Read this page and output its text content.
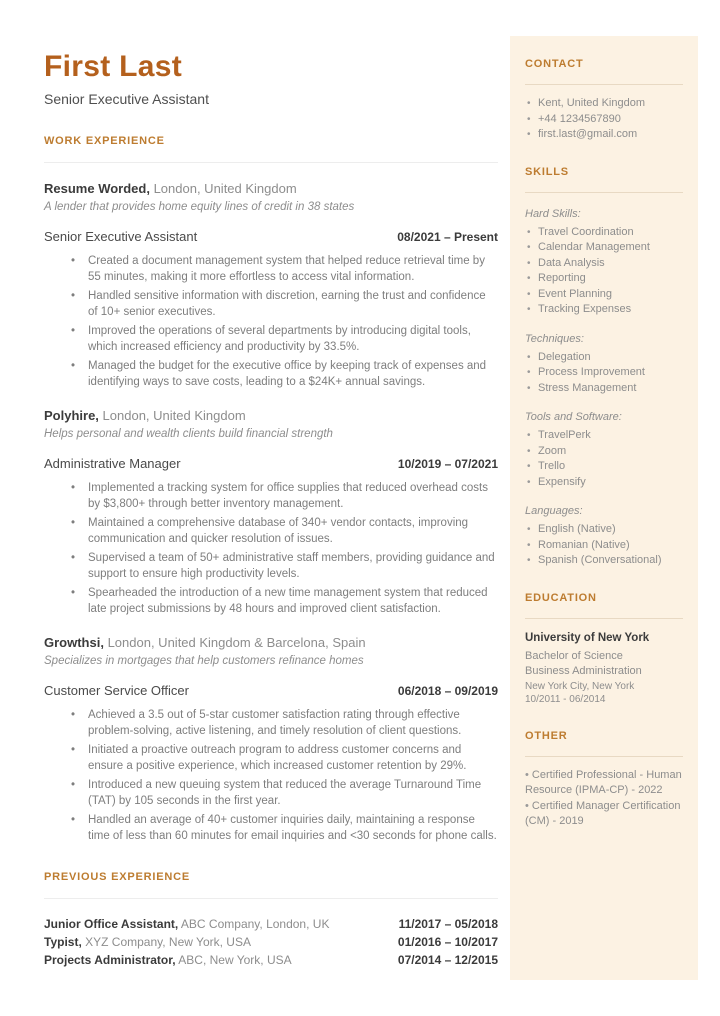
First Last
Senior Executive Assistant
WORK EXPERIENCE
Resume Worded, London, United Kingdom
A lender that provides home equity lines of credit in 38 states
Senior Executive Assistant	08/2021 – Present
• Created a document management system that helped reduce retrieval time by 55 minutes, making it more effortless to access vital information.
• Handled sensitive information with discretion, earning the trust and confidence of 10+ senior executives.
• Improved the operations of several departments by introducing digital tools, which increased efficiency and productivity by 33.5%.
• Managed the budget for the executive office by keeping track of expenses and identifying ways to save costs, leading to a $24K+ annual savings.
Polyhire, London, United Kingdom
Helps personal and wealth clients build financial strength
Administrative Manager	10/2019 – 07/2021
• Implemented a tracking system for office supplies that reduced overhead costs by $3,800+ through better inventory management.
• Maintained a comprehensive database of 340+ vendor contacts, improving communication and quicker resolution of issues.
• Supervised a team of 50+ administrative staff members, providing guidance and support to ensure high productivity levels.
• Spearheaded the introduction of a new time management system that reduced late project submissions by 48 hours and improved client satisfaction.
Growthsi, London, United Kingdom & Barcelona, Spain
Specializes in mortgages that help customers refinance homes
Customer Service Officer	06/2018 – 09/2019
• Achieved a 3.5 out of 5-star customer satisfaction rating through effective problem-solving, active listening, and timely resolution of client questions.
• Initiated a proactive outreach program to address customer concerns and ensure a positive experience, which increased customer retention by 29%.
• Introduced a new queuing system that reduced the average Turnaround Time (TAT) by 105 seconds in the first year.
• Handled an average of 40+ customer inquiries daily, maintaining a response time of less than 60 minutes for email inquiries and <30 seconds for phone calls.
PREVIOUS EXPERIENCE
Junior Office Assistant, ABC Company, London, UK	11/2017 – 05/2018
Typist, XYZ Company, New York, USA	01/2016 – 10/2017
Projects Administrator, ABC, New York, USA	07/2014 – 12/2015
CONTACT
• Kent, United Kingdom
• +44 1234567890
• first.last@gmail.com
SKILLS
Hard Skills:
• Travel Coordination
• Calendar Management
• Data Analysis
• Reporting
• Event Planning
• Tracking Expenses
Techniques:
• Delegation
• Process Improvement
• Stress Management
Tools and Software:
• TravelPerk
• Zoom
• Trello
• Expensify
Languages:
• English (Native)
• Romanian (Native)
• Spanish (Conversational)
EDUCATION
University of New York
Bachelor of Science
Business Administration
New York City, New York
10/2011 - 06/2014
OTHER
• Certified Professional - Human Resource (IPMA-CP) - 2022
• Certified Manager Certification (CM) - 2019
